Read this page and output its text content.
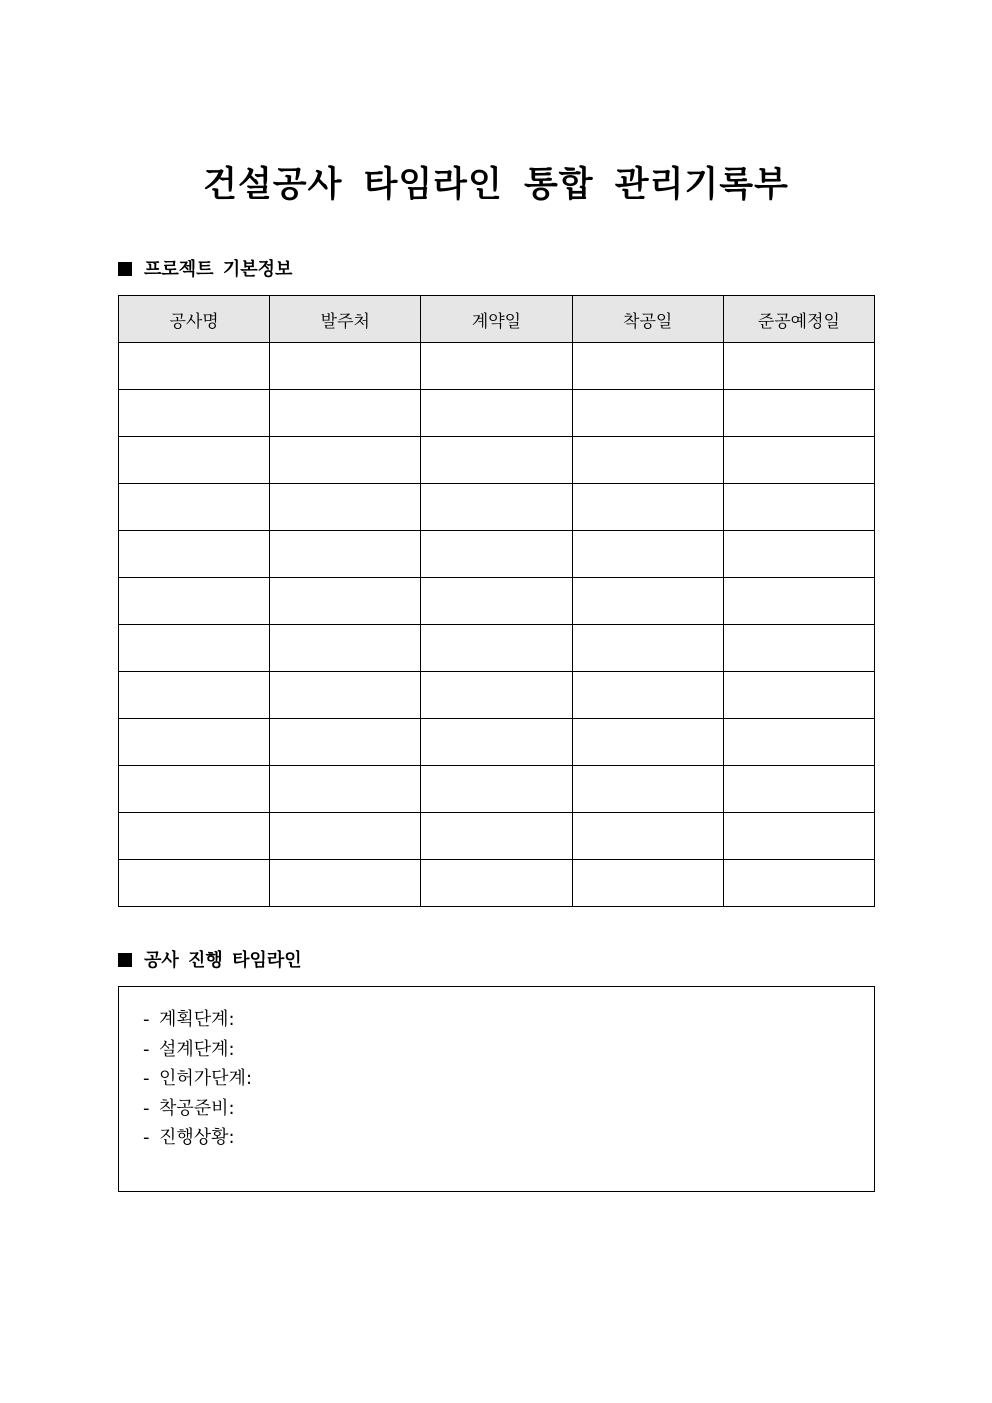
건설공사 타임라인 통합 관리기록부
프로젝트 기본정보
공사명	발주처	계약일	착공일	준공예정일

공사 진행 타임라인
- 계획단계:
- 설계단계:
- 인허가단계:
- 착공준비:
- 진행상황:
